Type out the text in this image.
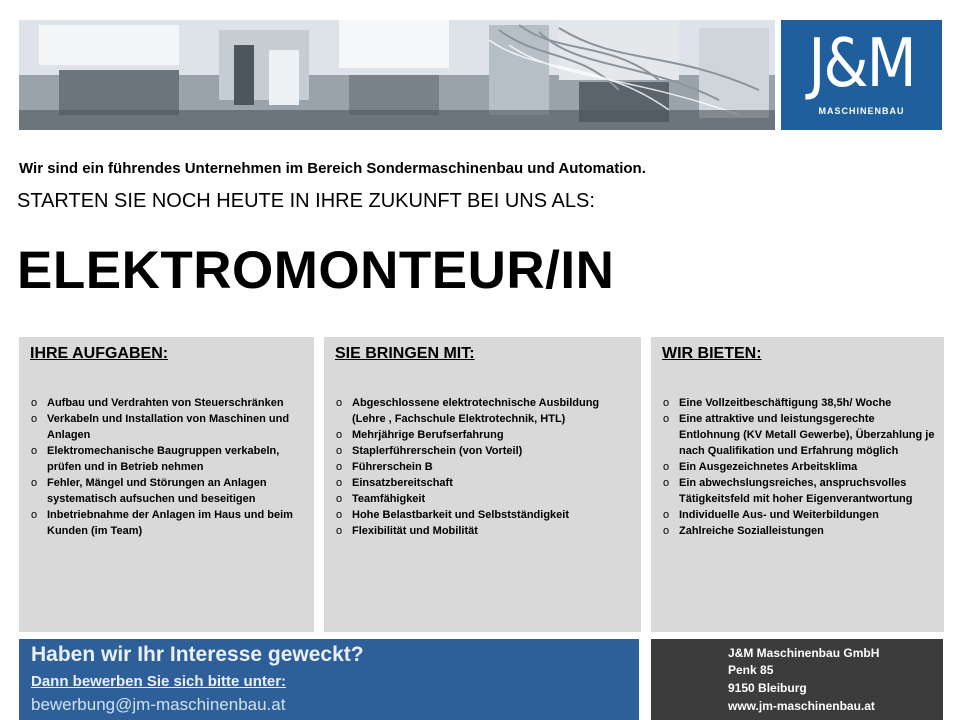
J&M
MASCHINENBAU

Wir sind ein führendes Unternehmen im Bereich Sondermaschinenbau und Automation.

STARTEN SIE NOCH HEUTE IN IHRE ZUKUNFT BEI UNS ALS:

ELEKTROMONTEUR/IN
IHRE AUFGABEN:
o Aufbau und Verdrahten von Steuerschränken
o Verkabeln und Installation von Maschinen und Anlagen
o Elektromechanische Baugruppen verkabeln, prüfen und in Betrieb nehmen
o Fehler, Mängel und Störungen an Anlagen systematisch aufsuchen und beseitigen
o Inbetriebnahme der Anlagen im Haus und beim Kunden (im Team)
SIE BRINGEN MIT:
o Abgeschlossene elektrotechnische Ausbildung (Lehre , Fachschule Elektrotechnik, HTL)
o Mehrjährige Berufserfahrung
o Staplerführerschein (von Vorteil)
o Führerschein B
o Einsatzbereitschaft
o Teamfähigkeit
o Hohe Belastbarkeit und Selbstständigkeit
o Flexibilität und Mobilität
WIR BIETEN:
o Eine Vollzeitbeschäftigung 38,5h/ Woche
o Eine attraktive und leistungsgerechte Entlohnung (KV Metall Gewerbe), Überzahlung je nach Qualifikation und Erfahrung möglich
o Ein Ausgezeichnetes Arbeitsklima
o Ein abwechslungsreiches, anspruchsvolles Tätigkeitsfeld mit hoher Eigenverantwortung
o Individuelle Aus- und Weiterbildungen
o Zahlreiche Sozialleistungen

Haben wir Ihr Interesse geweckt?

Dann bewerben Sie sich bitte unter:
bewerbung@jm-maschinenbau.at
J&M Maschinenbau GmbH
Penk 85
9150 Bleiburg
www.jm-maschinenbau.at
